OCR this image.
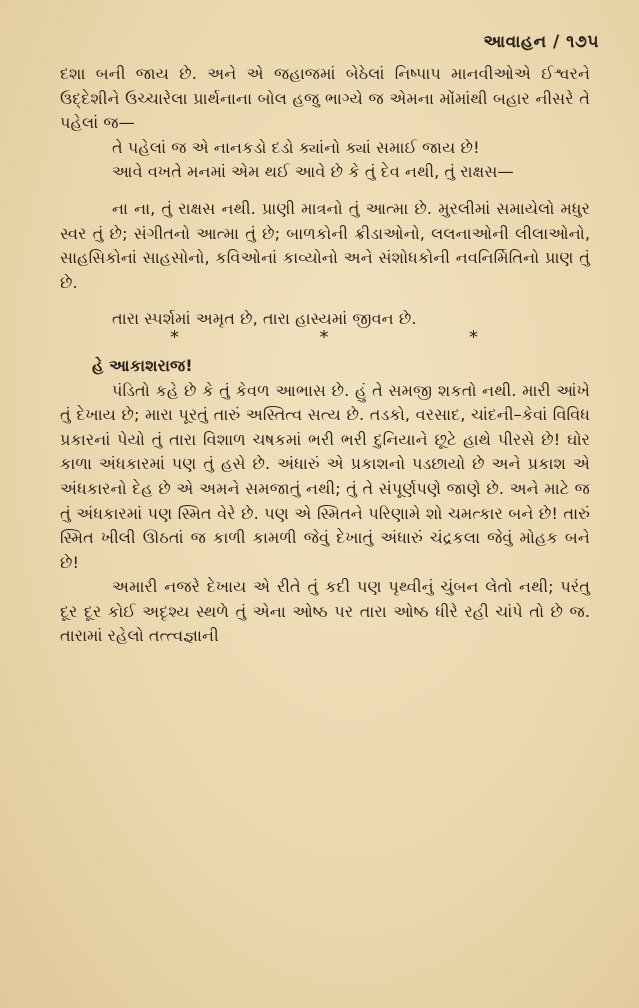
આવાહન / ૧૭૫

દશા બની જાય છે. અને એ જહાજમાં બેઠેલાં નિષ્પાપ માનવીઓએ ઈશ્વરને ઉદ્દેશીને ઉચ્ચારેલા પ્રાર્થનાના બોલ હજુ ભાગ્યે જ એમના મોંમાંથી બહાર નીસરે તે પહેલાં જ—

તે પહેલાં જ એ નાનકડો દડો ક્યાંનો ક્યાં સમાઈ જાય છે!

આવે વખતે મનમાં એમ થઈ આવે છે કે તું દેવ નથી, તું રાક્ષસ—

ના ના, તું રાક્ષસ નથી. પ્રાણી માત્રનો તું આત્મા છે. મુરલીમાં સમાયેલો મધુર સ્વર તું છે; સંગીતનો આત્મા તું છે; બાળકોની ક્રીડાઓનો, લલનાઓની લીલાઓનો, સાહસિકોનાં સાહસોનો, કવિઓનાં કાવ્યોનો અને સંશોધકોની નવનિર્મિતિનો પ્રાણ તું છે.

તારા સ્પર્શમાં અમૃત છે, તારા હાસ્યમાં જીવન છે.

*	*	*

હે આકાશરાજ!

પંડિતો કહે છે કે તું કેવળ આભાસ છે. હું તે સમજી શકતો નથી. મારી આંખે તું દેખાય છે; મારા પૂરતું તારું અસ્તિત્વ સત્ય છે. તડકો, વરસાદ, ચાંદની–કેવાં વિવિધ પ્રકારનાં પેયો તું તારા વિશાળ ચષકમાં ભરી ભરી દુનિયાને છૂટે હાથે પીરસે છે! ઘોર કાળા અંધકારમાં પણ તું હસે છે. અંધારું એ પ્રકાશનો પડછાયો છે અને પ્રકાશ એ અંધકારનો દેહ છે એ અમને સમજાતું નથી; તું તે સંપૂર્ણપણે જાણે છે. અને માટે જ તું અંધકારમાં પણ સ્મિત વેરે છે. પણ એ સ્મિતને પરિણામે શો ચમત્કાર બને છે! તારું સ્મિત ખીલી ઊઠતાં જ કાળી કામળી જેવું દેખાતું અંધારું ચંદ્રકલા જેવું મોહક બને છે!

અમારી નજરે દેખાય એ રીતે તું કદી પણ પૃથ્વીનું ચુંબન લેતો નથી; પરંતુ દૂર દૂર કોઈ અદૃશ્ય સ્થળે તું એના ઓષ્ઠ પર તારા ઓષ્ઠ ધીરે રહી ચાંપે તો છે જ. તારામાં રહેલો તત્ત્વજ્ઞાની
